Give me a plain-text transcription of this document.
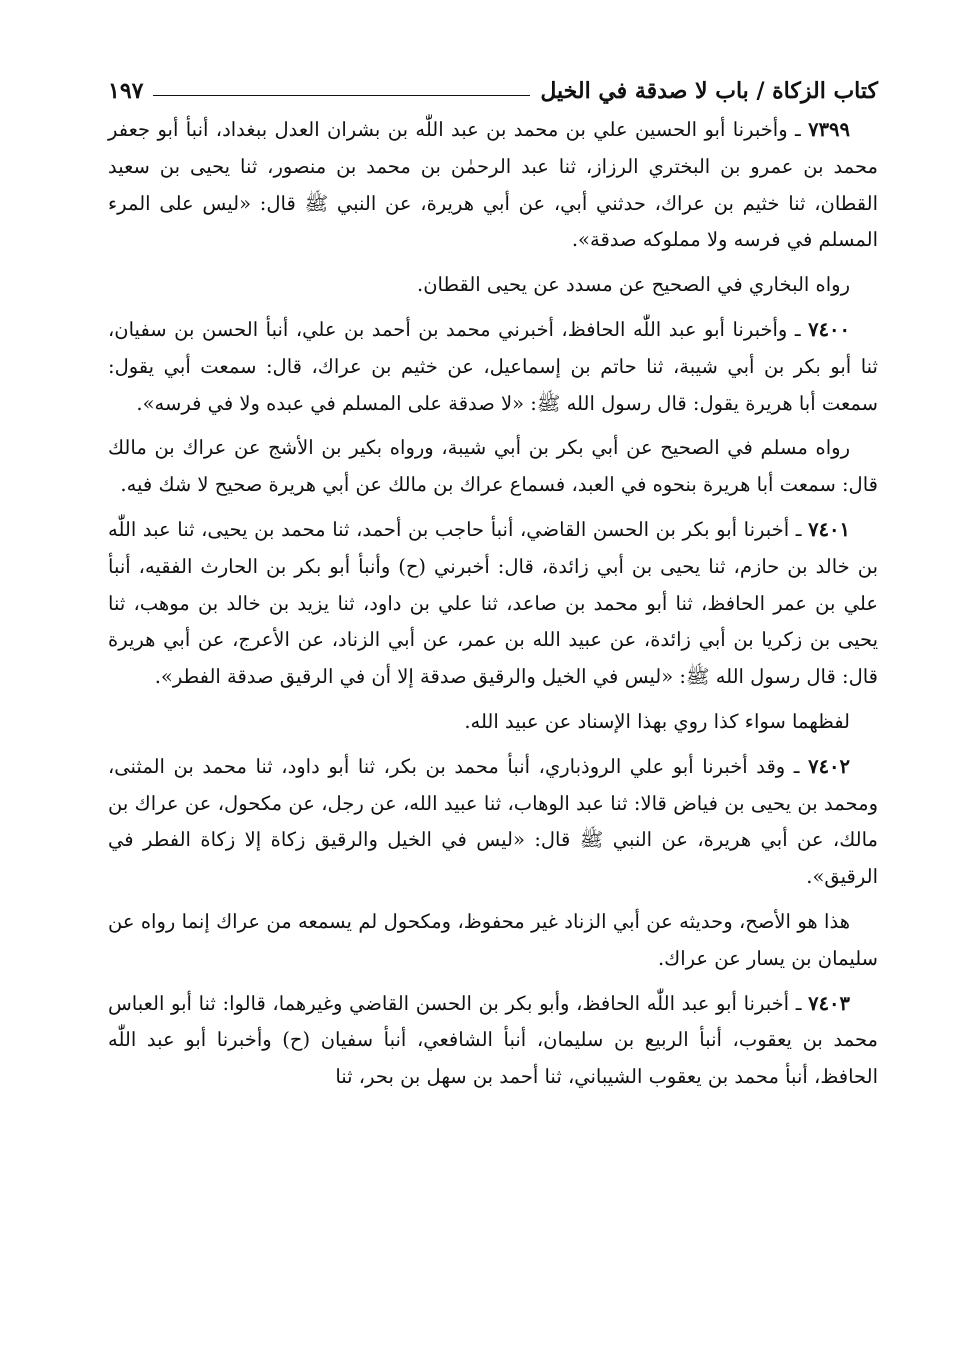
كتاب الزكاة / باب لا صدقة في الخيل
١٩٧

٧٣٩٩ ـ وأخبرنا أبو الحسين علي بن محمد بن عبد اللّٰه بن بشران العدل ببغداد، أنبأ أبو جعفر محمد بن عمرو بن البختري الرزاز، ثنا عبد الرحمٰن بن محمد بن منصور، ثنا يحيى بن سعيد القطان، ثنا خثيم بن عراك، حدثني أبي، عن أبي هريرة، عن النبي ﷺ قال: «ليس على المرء المسلم في فرسه ولا مملوكه صدقة».

رواه البخاري في الصحيح عن مسدد عن يحيى القطان.

٧٤٠٠ ـ وأخبرنا أبو عبد اللّٰه الحافظ، أخبرني محمد بن أحمد بن علي، أنبأ الحسن بن سفيان، ثنا أبو بكر بن أبي شيبة، ثنا حاتم بن إسماعيل، عن خثيم بن عراك، قال: سمعت أبي يقول: سمعت أبا هريرة يقول: قال رسول الله ﷺ: «لا صدقة على المسلم في عبده ولا في فرسه».

رواه مسلم في الصحيح عن أبي بكر بن أبي شيبة، ورواه بكير بن الأشج عن عراك بن مالك قال: سمعت أبا هريرة بنحوه في العبد، فسماع عراك بن مالك عن أبي هريرة صحيح لا شك فيه.

٧٤٠١ ـ أخبرنا أبو بكر بن الحسن القاضي، أنبأ حاجب بن أحمد، ثنا محمد بن يحيى، ثنا عبد اللّٰه بن خالد بن حازم، ثنا يحيى بن أبي زائدة، قال: أخبرني (ح) وأنبأ أبو بكر بن الحارث الفقيه، أنبأ علي بن عمر الحافظ، ثنا أبو محمد بن صاعد، ثنا علي بن داود، ثنا يزيد بن خالد بن موهب، ثنا يحيى بن زكريا بن أبي زائدة، عن عبيد الله بن عمر، عن أبي الزناد، عن الأعرج، عن أبي هريرة قال: قال رسول الله ﷺ: «ليس في الخيل والرقيق صدقة إلا أن في الرقيق صدقة الفطر».

لفظهما سواء كذا روي بهذا الإسناد عن عبيد الله.

٧٤٠٢ ـ وقد أخبرنا أبو علي الروذباري، أنبأ محمد بن بكر، ثنا أبو داود، ثنا محمد بن المثنى، ومحمد بن يحيى بن فياض قالا: ثنا عبد الوهاب، ثنا عبيد الله، عن رجل، عن مكحول، عن عراك بن مالك، عن أبي هريرة، عن النبي ﷺ قال: «ليس في الخيل والرقيق زكاة إلا زكاة الفطر في الرقيق».

هذا هو الأصح، وحديثه عن أبي الزناد غير محفوظ، ومكحول لم يسمعه من عراك إنما رواه عن سليمان بن يسار عن عراك.

٧٤٠٣ ـ أخبرنا أبو عبد اللّٰه الحافظ، وأبو بكر بن الحسن القاضي وغيرهما، قالوا: ثنا أبو العباس محمد بن يعقوب، أنبأ الربيع بن سليمان، أنبأ الشافعي، أنبأ سفيان (ح) وأخبرنا أبو عبد اللّٰه الحافظ، أنبأ محمد بن يعقوب الشيباني، ثنا أحمد بن سهل بن بحر، ثنا
